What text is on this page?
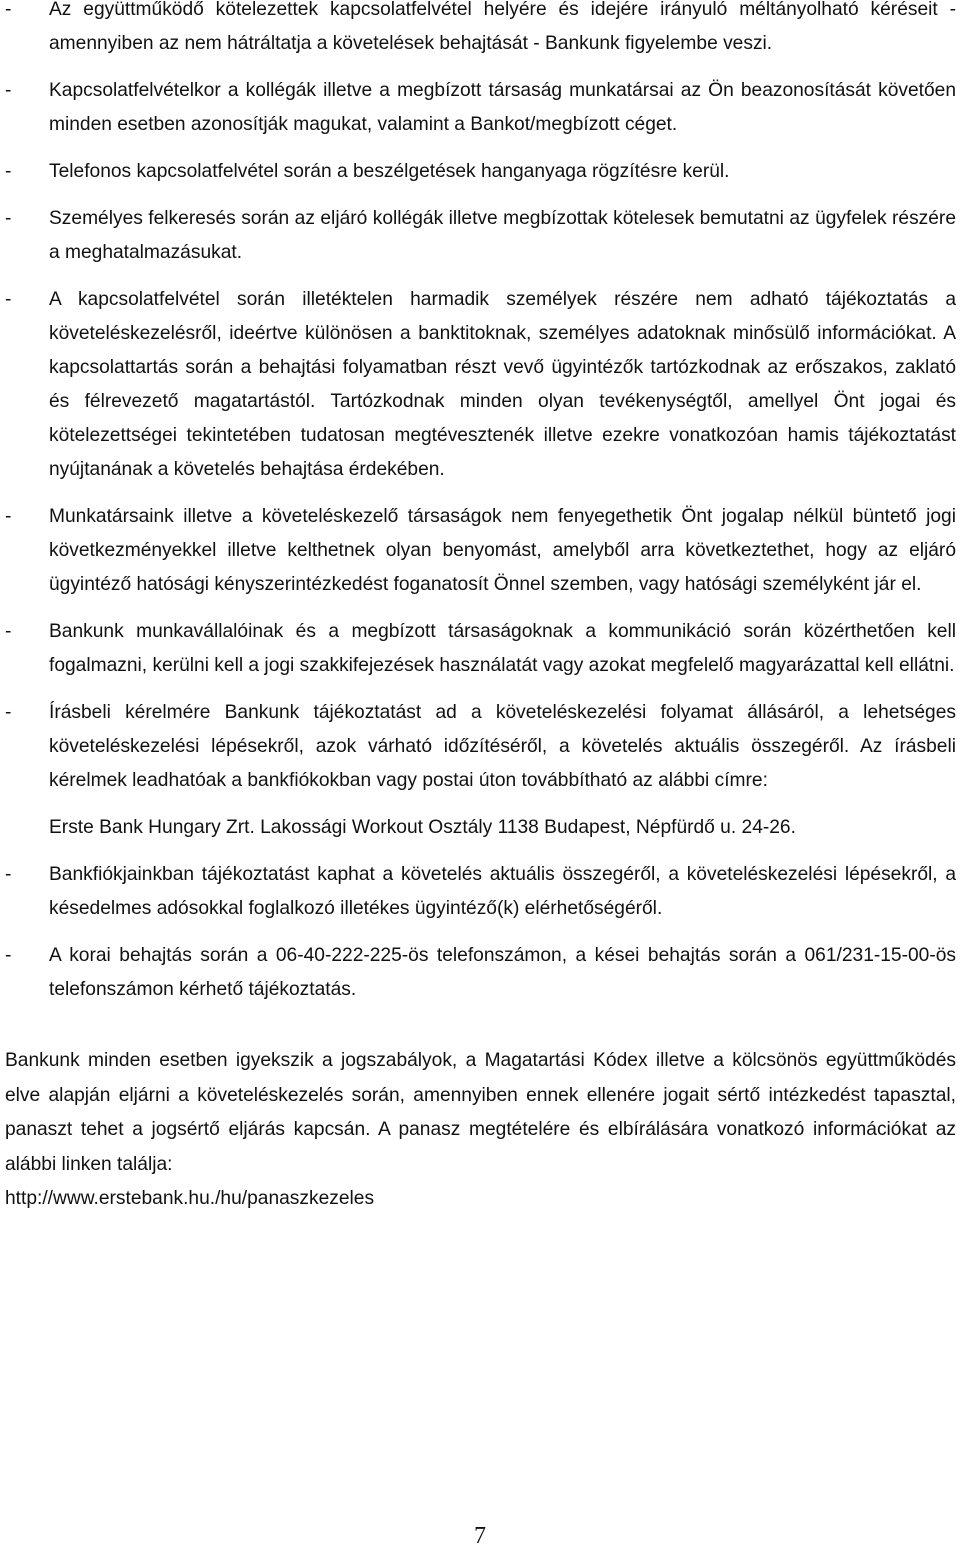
- Az együttműködő kötelezettek kapcsolatfelvétel helyére és idejére irányuló méltányolható kéréseit - amennyiben az nem hátráltatja a követelések behajtását - Bankunk figyelembe veszi.
- Kapcsolatfelvételkor a kollégák illetve a megbízott társaság munkatársai az Ön beazonosítását követően minden esetben azonosítják magukat, valamint a Bankot/megbízott céget.
- Telefonos kapcsolatfelvétel során a beszélgetések hanganyaga rögzítésre kerül.
- Személyes felkeresés során az eljáró kollégák illetve megbízottak kötelesek bemutatni az ügyfelek részére a meghatalmazásukat.
- A kapcsolatfelvétel során illetéktelen harmadik személyek részére nem adható tájékoztatás a követeléskezelésről, ideértve különösen a banktitoknak, személyes adatoknak minősülő információkat. A kapcsolattartás során a behajtási folyamatban részt vevő ügyintézők tartózkodnak az erőszakos, zaklató és félrevezető magatartástól. Tartózkodnak minden olyan tevékenységtől, amellyel Önt jogai és kötelezettségei tekintetében tudatosan megtévesztenék illetve ezekre vonatkozóan hamis tájékoztatást nyújtanának a követelés behajtása érdekében.
- Munkatársaink illetve a követeléskezelő társaságok nem fenyegethetik Önt jogalap nélkül büntető jogi következményekkel illetve kelthetnek olyan benyomást, amelyből arra következtethet, hogy az eljáró ügyintéző hatósági kényszerintézkedést foganatosít Önnel szemben, vagy hatósági személyként jár el.
- Bankunk munkavállalóinak és a megbízott társaságoknak a kommunikáció során közérthetően kell fogalmazni, kerülni kell a jogi szakkifejezések használatát vagy azokat megfelelő magyarázattal kell ellátni.
- Írásbeli kérelmére Bankunk tájékoztatást ad a követeléskezelési folyamat állásáról, a lehetséges követeléskezelési lépésekről, azok várható időzítéséről, a követelés aktuális összegéről. Az írásbeli kérelmek leadhatóak a bankfiókokban vagy postai úton továbbítható az alábbi címre:
Erste Bank Hungary Zrt. Lakossági Workout Osztály 1138 Budapest, Népfürdő u. 24-26.
- Bankfiókjainkban tájékoztatást kaphat a követelés aktuális összegéről, a követeléskezelési lépésekről, a késedelmes adósokkal foglalkozó illetékes ügyintéző(k) elérhetőségéről.
- A korai behajtás során a 06-40-222-225-ös telefonszámon, a kései behajtás során a 061/231-15-00-ös telefonszámon kérhető tájékoztatás.
Bankunk minden esetben igyekszik a jogszabályok, a Magatartási Kódex illetve a kölcsönös együttműködés elve alapján eljárni a követeléskezelés során, amennyiben ennek ellenére jogait sértő intézkedést tapasztal, panaszt tehet a jogsértő eljárás kapcsán. A panasz megtételére és elbírálására vonatkozó információkat az alábbi linken találja:
http://www.erstebank.hu./hu/panaszkezeles
7
